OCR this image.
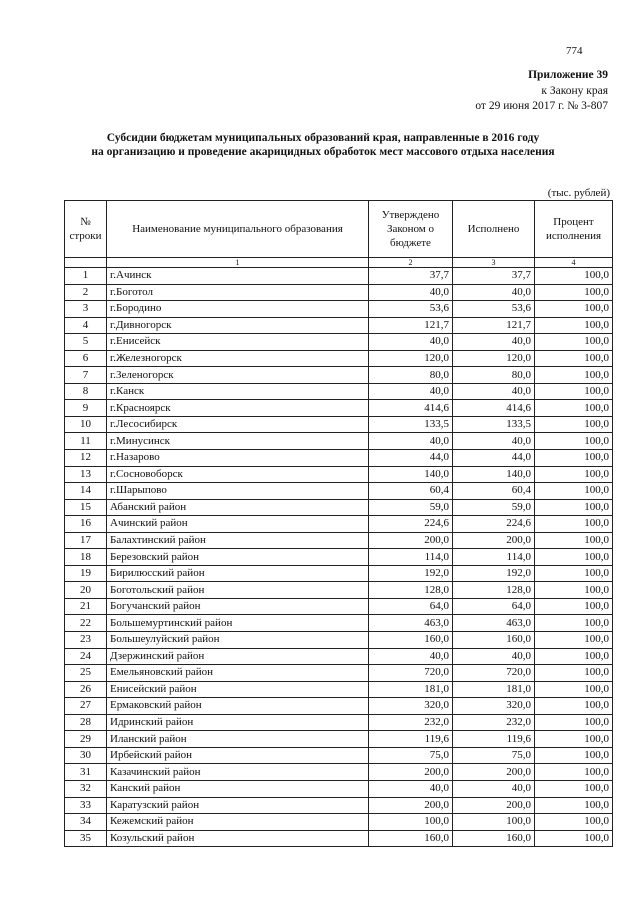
774
Приложение 39
к Закону края
от 29 июня 2017 г. № 3-807
Субсидии бюджетам муниципальных образований края, направленные в 2016 году
на организацию и проведение акарицидных обработок мест массового отдыха населения
(тыс. рублей)
№ строки	Наименование муниципального образования	Утверждено Законом о бюджете	Исполнено	Процент исполнения
	1	2	3	4
1	г.Ачинск	37,7	37,7	100,0
2	г.Боготол	40,0	40,0	100,0
3	г.Бородино	53,6	53,6	100,0
4	г.Дивногорск	121,7	121,7	100,0
5	г.Енисейск	40,0	40,0	100,0
6	г.Железногорск	120,0	120,0	100,0
7	г.Зеленогорск	80,0	80,0	100,0
8	г.Канск	40,0	40,0	100,0
9	г.Красноярск	414,6	414,6	100,0
10	г.Лесосибирск	133,5	133,5	100,0
11	г.Минусинск	40,0	40,0	100,0
12	г.Назарово	44,0	44,0	100,0
13	г.Сосновоборск	140,0	140,0	100,0
14	г.Шарыпово	60,4	60,4	100,0
15	Абанский район	59,0	59,0	100,0
16	Ачинский район	224,6	224,6	100,0
17	Балахтинский район	200,0	200,0	100,0
18	Березовский район	114,0	114,0	100,0
19	Бирилюсский район	192,0	192,0	100,0
20	Боготольский район	128,0	128,0	100,0
21	Богучанский район	64,0	64,0	100,0
22	Большемуртинский район	463,0	463,0	100,0
23	Большеулуйский район	160,0	160,0	100,0
24	Дзержинский район	40,0	40,0	100,0
25	Емельяновский район	720,0	720,0	100,0
26	Енисейский район	181,0	181,0	100,0
27	Ермаковский район	320,0	320,0	100,0
28	Идринский район	232,0	232,0	100,0
29	Иланский район	119,6	119,6	100,0
30	Ирбейский район	75,0	75,0	100,0
31	Казачинский район	200,0	200,0	100,0
32	Канский район	40,0	40,0	100,0
33	Каратузский район	200,0	200,0	100,0
34	Кежемский район	100,0	100,0	100,0
35	Козульский район	160,0	160,0	100,0
